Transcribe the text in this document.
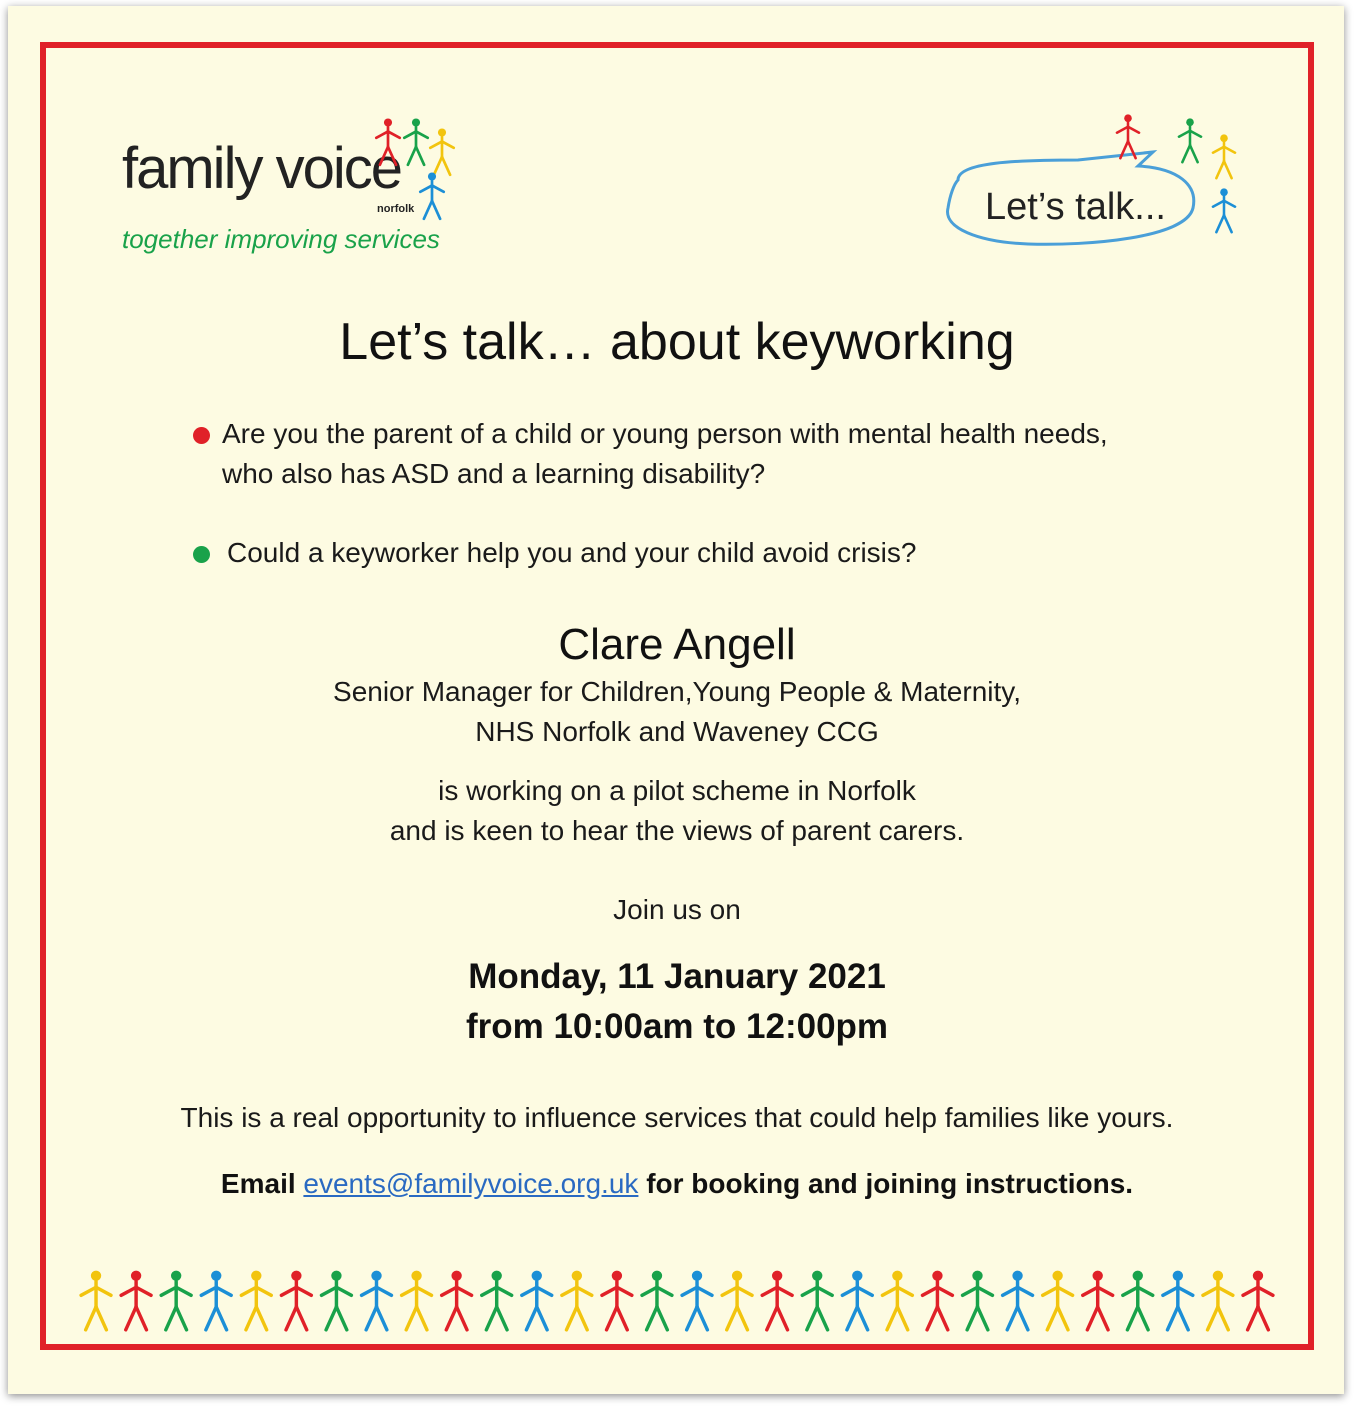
family voice
norfolk
together improving services
Let’s talk...
Let’s talk… about keyworking
Are you the parent of a child or young person with mental health needs,
who also has ASD and a learning disability?
Could a keyworker help you and your child avoid crisis?
Clare Angell
Senior Manager for Children,Young People & Maternity,
NHS Norfolk and Waveney CCG
is working on a pilot scheme in Norfolk
and is keen to hear the views of parent carers.
Join us on
Monday, 11 January 2021
from 10:00am to 12:00pm
This is a real opportunity to influence services that could help families like yours.
Email events@familyvoice.org.uk for booking and joining instructions.
